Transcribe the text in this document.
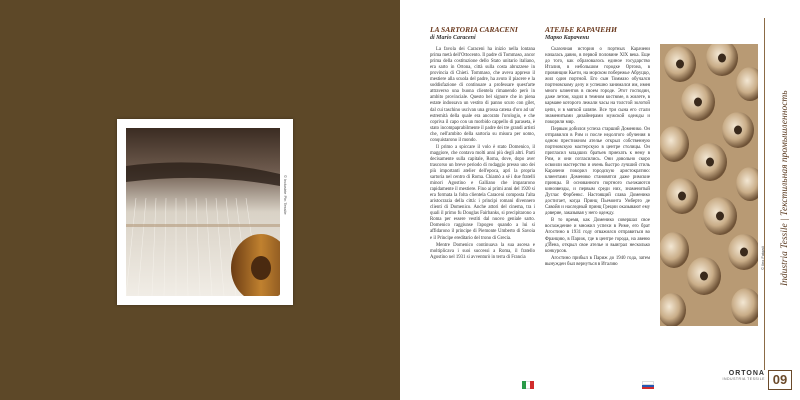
© Industrie Pin Tessile
LA SARTORIA CARACENI
di Mario Caraceni

La favola dei Caraceni ha inizio nella lontana prima metà dell'Ottocento. Il padre di Tommaso, ancor prima della costituzione dello Stato unitario italiano, era sarto in Ortona, città sulla costa abruzzese in provincia di Chieti. Tommaso, che aveva appreso il mestiere alla scuola del padre, ha avuto il piacere e la soddisfazione di continuare a professare quest'arte attraverso una buona clientela rimanendo però in ambito provinciale. Questo bel signore che in piena estate indossava un vestito di panno scuro con gilet, dal cui taschino uscivan una grossa catena d'oro ad un' estremità della quale era ancorato l'orologio, e che copriva il capo con un morbido cappello di paraseta, è stato incompaprabilmente il padre dei tre grandi artisti che, nell'ambito della sartoria su misura per uomo, conquistarono il mondo.

Il primo a spiccare il volo è stato Domenico, il maggiore, che contava molti anni più degli altri. Partì decisamente sulla capitale, Roma, dove, dopo aver trascorso un breve periodo di rodaggio presso uno dei più importanti atelier dell'epoca, aprì la propria sartoria nel centro di Roma. Chiamò a sé i due fratelli minori Agostino e Galliano che impararono rapidamente il mestiere. Fino ai primi anni del 1920 si era formata la folta clientela Caraceni composta l'alta aristocrazia della città: i principi romani divennero clienti di Domenico. Anche attori del cinema, tra i quali il primo fu Douglas Fairbanks, si precipitarono a Roma per essere vestiti dal nuovo geniale sarto. Domenico raggiunse l'apogeo quando a lui si affidarono il principe di Piemonte Umberto di Savoia e il Principe ereditario del trono di Grecia.

Mentre Domenico continuava la sua ascesa e moltiplicava i suoi successi a Roma, il fratello Agostino nel 1931 si avventurò in terra di Francia

АТЕЛЬЕ КАРАЧЕНИ
Марко Карачени

Сказочная история о портных Карачени началась давно, в первой половине XIX века. Еще до того, как образовалось единое государство Италия, в небольшом городке Ортона, в провинции Кьети, на морском побережье Абруццо, жил один портной. Его сын Томмазо обучался портновскому делу и успешно занимался им, имея много клиентов в своем городе. Этот господин, даже летом, ходил в темном костюме, в жилете, в кармане которого лежали часы на толстой золотой цепи, и в мягкой шляпе. Все три сына его стали знаменитыми дизайнерами мужской одежды и покорили мир.

Первым добился успеха старший Доменико. Он отправился в Рим и после недолгого обучения в одном престижном ателье открыл собственную портновскую мастерскую в центре столицы. Он пригласил младших братьев приехать к нему в Рим, и они согласились. Они довольно скоро освоили мастерство и очень быстро лучший стиль Карачени покорил городскую аристократию: клиентами Доменико становятся даже римские принцы. В основанного портного съезжаются кинозвезды, и первым среди них, знаменитый Дуглас Фэрбенкс. Настоящий слава Доменико достигает, когда Принц Пьемонта Умберто де Савойя и наследный принц Греции оказывают ему доверие, заказывая у него одежду.

В то время, как Доменико совершал свое восхождение и множил успехи в Риме, его брат Агостино в 1931 году отважился отправиться во Францию, в Париж, где в центре города, на авеню д'Йена, открыл свое ателье и выиграл несколько конкурсов.

Агостино прибыл в Париж до 1940 года, затем вынужден был вернуться в Италию	Industria Tessile | Текстильная промышленность
© Ilex Fatgati
ORTONA
INDUSTRIA TESSILE 09
